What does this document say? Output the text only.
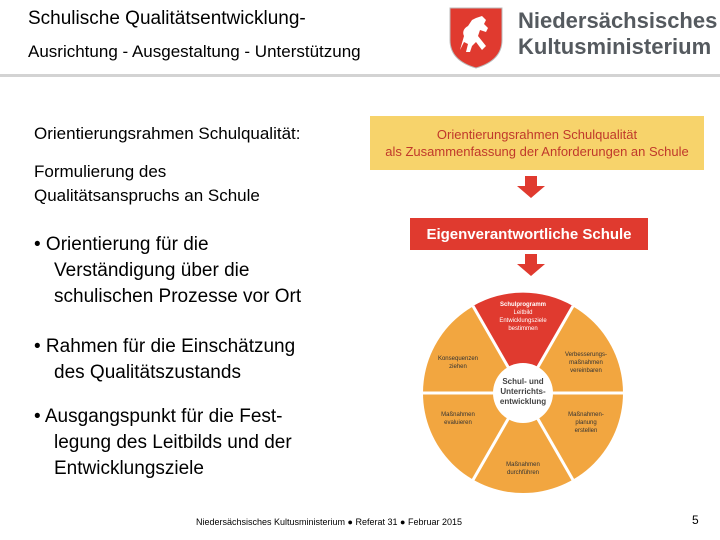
Schulische Qualitätsentwicklung-
Ausrichtung - Ausgestaltung - Unterstützung
Niedersächsisches
Kultusministerium
Orientierungsrahmen Schulqualität:
Formulierung des
Qualitätsanspruchs an Schule
• Orientierung für die
Verständigung über die
schulischen Prozesse vor Ort
• Rahmen für die Einschätzung
des Qualitätszustands
• Ausgangspunkt für die Fest-
legung des Leitbilds und der
Entwicklungsziele
Orientierungsrahmen Schulqualität
als Zusammenfassung der Anforderungen an Schule
Eigenverantwortliche Schule
Schul- und
Unterrichts-
entwicklung
Schulprogramm
Leitbild
Entwicklungsziele
bestimmen
Verbesserungs-
maßnahmen
vereinbaren
Maßnahmen-
planung
erstellen
Maßnahmen
durchführen
Maßnahmen
evaluieren
Konsequenzen
ziehen
Niedersächsisches Kultusministerium ● Referat 31 ● Februar 2015	5
